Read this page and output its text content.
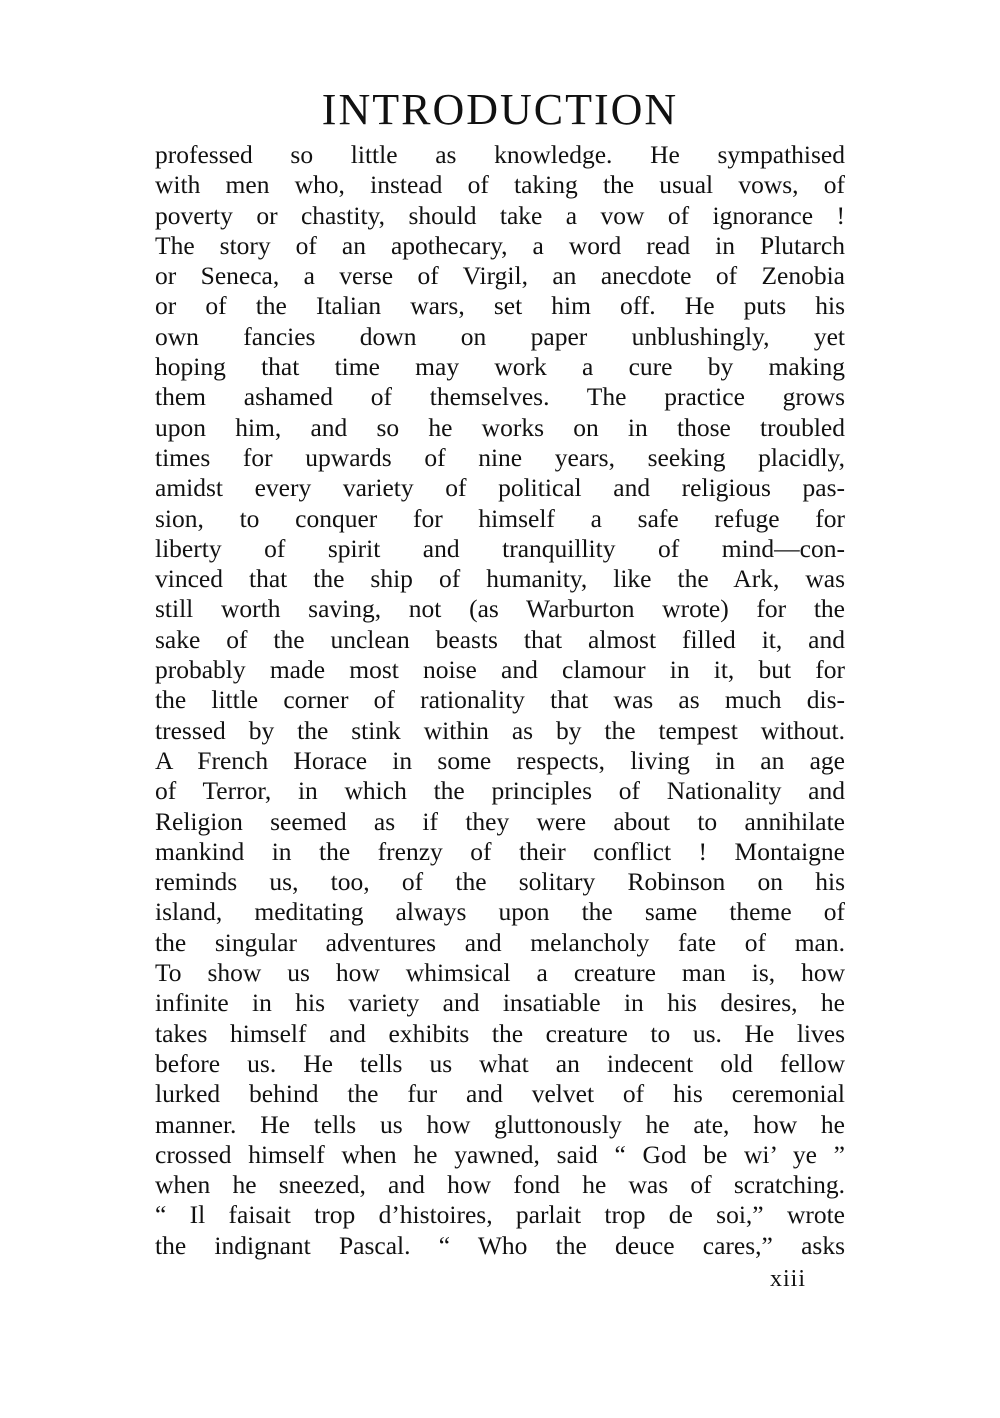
INTRODUCTION
professed so little as knowledge. He sympathised
with men who, instead of taking the usual vows, of
poverty or chastity, should take a vow of ignorance !
The story of an apothecary, a word read in Plutarch
or Seneca, a verse of Virgil, an anecdote of Zenobia
or of the Italian wars, set him off. He puts his
own fancies down on paper unblushingly, yet
hoping that time may work a cure by making
them ashamed of themselves. The practice grows
upon him, and so he works on in those troubled
times for upwards of nine years, seeking placidly,
amidst every variety of political and religious pas-
sion, to conquer for himself a safe refuge for
liberty of spirit and tranquillity of mind—con-
vinced that the ship of humanity, like the Ark, was
still worth saving, not (as Warburton wrote) for the
sake of the unclean beasts that almost filled it, and
probably made most noise and clamour in it, but for
the little corner of rationality that was as much dis-
tressed by the stink within as by the tempest without.
A French Horace in some respects, living in an age
of Terror, in which the principles of Nationality and
Religion seemed as if they were about to annihilate
mankind in the frenzy of their conflict ! Montaigne
reminds us, too, of the solitary Robinson on his
island, meditating always upon the same theme of
the singular adventures and melancholy fate of man.
To show us how whimsical a creature man is, how
infinite in his variety and insatiable in his desires, he
takes himself and exhibits the creature to us. He lives
before us. He tells us what an indecent old fellow
lurked behind the fur and velvet of his ceremonial
manner. He tells us how gluttonously he ate, how he
crossed himself when he yawned, said “ God be wi’ ye ”
when he sneezed, and how fond he was of scratching.
“ Il faisait trop d’histoires, parlait trop de soi,” wrote
the indignant Pascal. “ Who the deuce cares,” asks
xiii
